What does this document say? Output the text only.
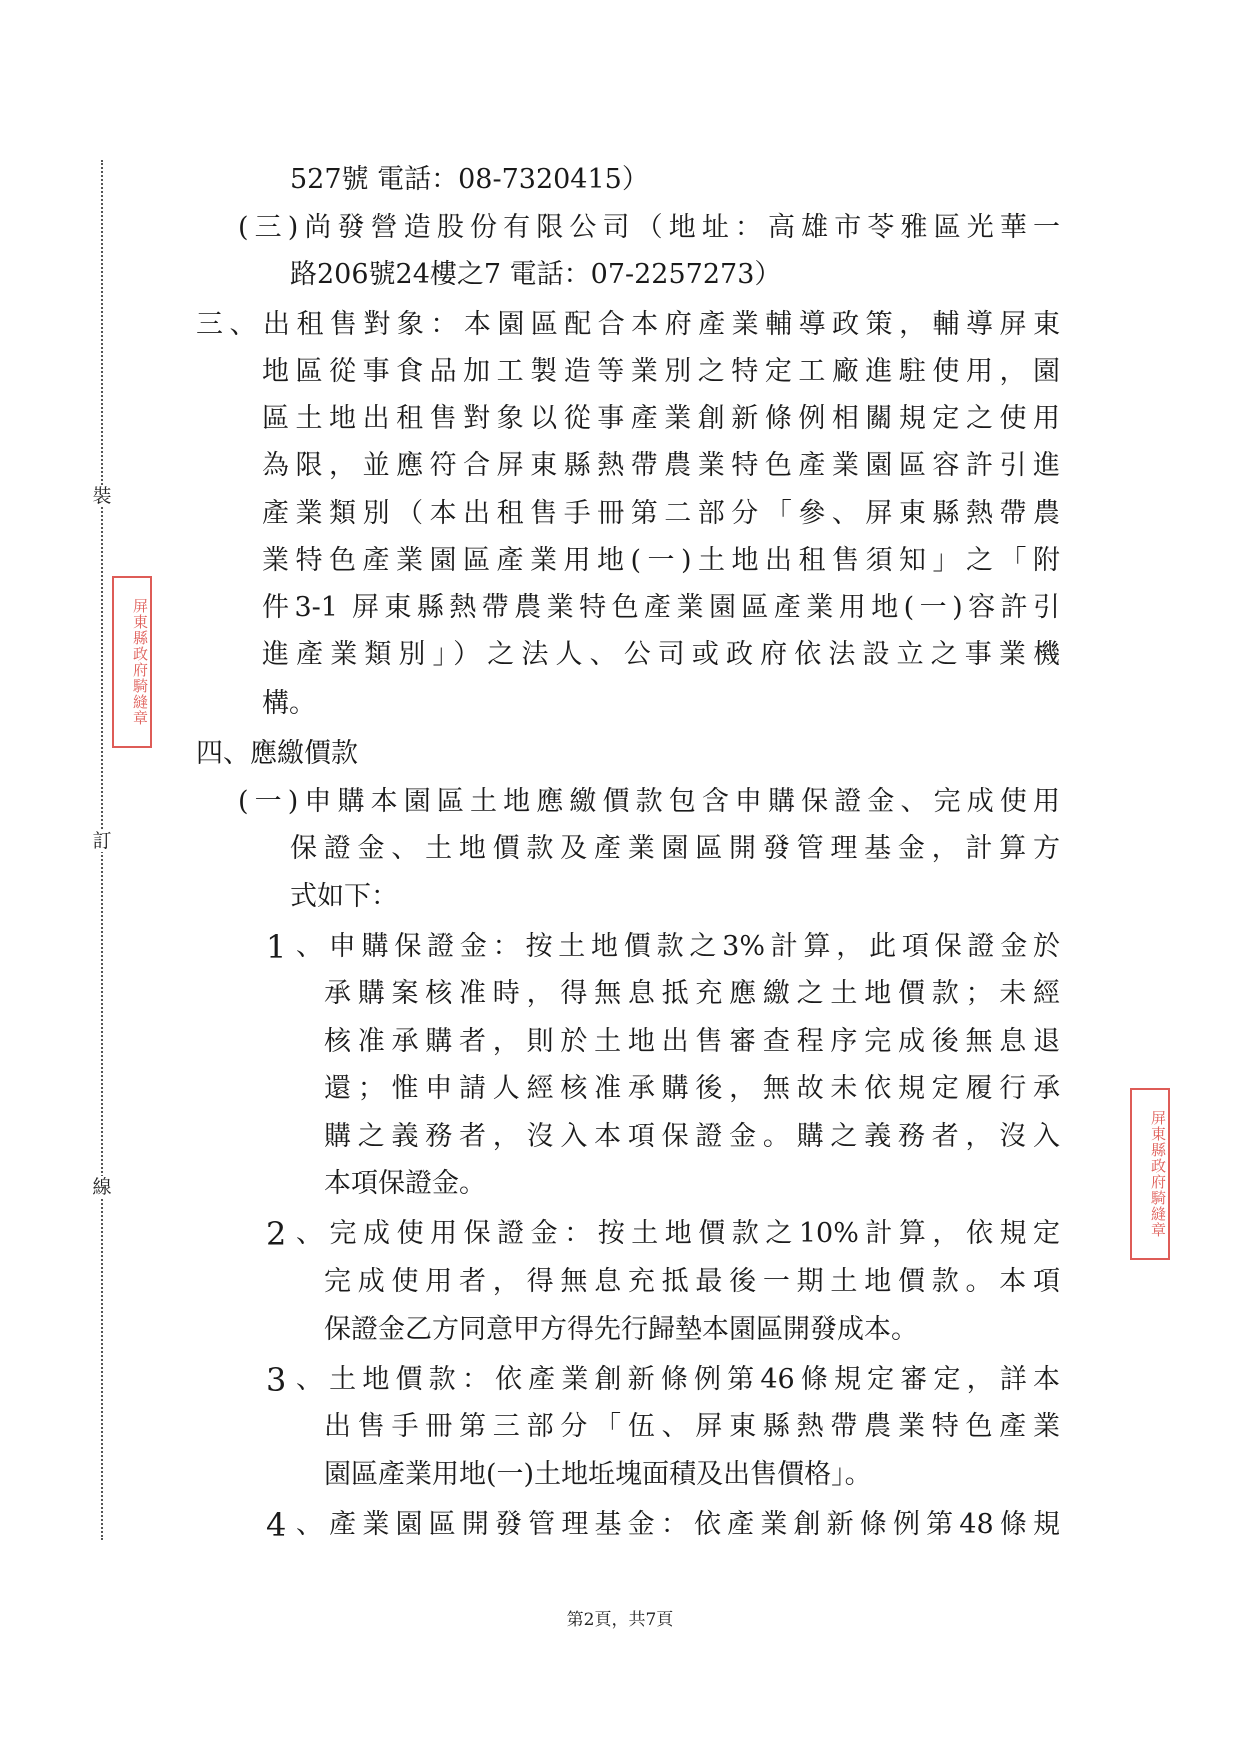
裝
訂
線
屏東縣政府騎縫章
屏東縣政府騎縫章
527號 電話：08-7320415）
(三)尚發營造股份有限公司（地址：高雄市苓雅區光華一
路206號24樓之7 電話：07-2257273）
三、出租售對象：本園區配合本府產業輔導政策，輔導屏東
地區從事食品加工製造等業別之特定工廠進駐使用，園
區土地出租售對象以從事產業創新條例相關規定之使用
為限，並應符合屏東縣熱帶農業特色產業園區容許引進
產業類別（本出租售手冊第二部分「參、屏東縣熱帶農
業特色產業園區產業用地(一)土地出租售須知」之「附
件3-1 屏東縣熱帶農業特色產業園區產業用地(一)容許引
進產業類別」）之法人、公司或政府依法設立之事業機
構。
四、應繳價款
(一)申購本園區土地應繳價款包含申購保證金、完成使用
保證金、土地價款及產業園區開發管理基金，計算方
式如下：
1 、申購保證金：按土地價款之3%計算，此項保證金於
承購案核准時，得無息抵充應繳之土地價款；未經
核准承購者，則於土地出售審查程序完成後無息退
還；惟申請人經核准承購後，無故未依規定履行承
購之義務者，沒入本項保證金。購之義務者，沒入
本項保證金。
2 、完成使用保證金：按土地價款之10%計算，依規定
完成使用者，得無息充抵最後一期土地價款。本項
保證金乙方同意甲方得先行歸墊本園區開發成本。
3 、土地價款：依產業創新條例第46條規定審定，詳本
出售手冊第三部分「伍、屏東縣熱帶農業特色產業
園區產業用地(一)土地坵塊面積及出售價格」。
4 、產業園區開發管理基金：依產業創新條例第48條規
第2頁，共7頁
